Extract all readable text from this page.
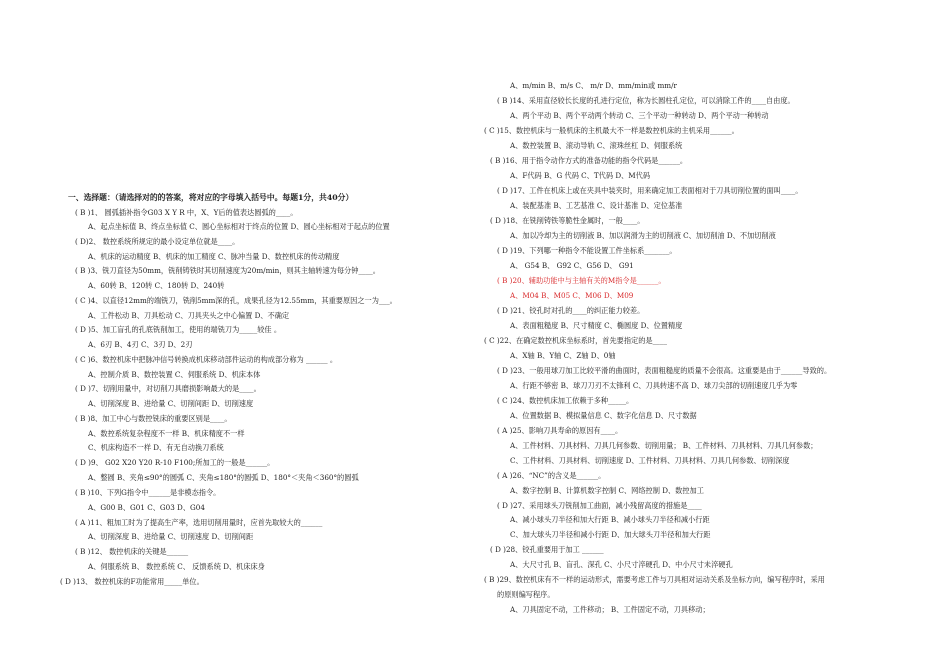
一、选择题：（请选择对的的答案，将对应的字母填入括号中。每题1分，共40分）
( B )1、 圆弧插补指令G03 X Y R 中，X、Y后的值表达圆弧的____。
A、起点坐标值 B、终点坐标值 C、圆心坐标相对于终点的位置 D、圆心坐标相对于起点的位置
( D)2、 数控系统所规定的最小设定单位就是____。
A、机床的运动精度 B、机床的加工精度 C、脉冲当量 D、数控机床的传动精度
( B )3、铣刀直径为50mm，铣削铸铁时其切削速度为20m/min，则其主轴转速为每分钟____。
A、60转 B、120转 C、180转 D、240转
( C )4、以直径12mm的端铣刀，铣削5mm深的孔，成果孔径为12.55mm，其重要原因之一为___。
A、工件松动 B、刀具松动 C、刀具夹头之中心偏置 D、不确定
( D )5、加工盲孔的孔底铣削加工，使用的端铣刀为_____较佳 。
A、6刃 B、4刃 C、3刃 D、2刃
( C )6、数控机床中把脉冲信号转换成机床移动部件运动的构成部分称为 ______ 。
A、控制介质 B、数控装置 C、伺服系统 D、机床本体
( D )7、切削用量中，对切削刀具磨损影响最大的是____。
A、切削深度 B、进给量 C、切削间距 D、切削速度
( B )8、加工中心与数控铣床的重要区别是____。
A、数控系统复杂程度不一样 B、机床精度不一样
C、机床构造不一样 D、有无自动换刀系统
( D )9、 G02 X20 Y20 R-10 F100;所加工的一般是______。
A、整圆 B、夹角≤90°的圆弧 C、夹角≤180°的圆弧 D、180°＜夹角＜360°的圆弧
( B )10、下列G指令中______是非模态指令。
A、G00 B、G01 C、G03 D、G04
( A )11、粗加工时为了提高生产率，选用切削用量时，应首先取较大的______
A、切削深度 B、进给量 C、切削速度 D、切削间距
( B )12、 数控机床的关键是______
A、伺服系统 B、 数控系统 C、 反馈系统 D、机床床身
( D )13、 数控机床的F功能常用_____单位。
A、m/min B、m/s C、 m/r D、mm/min或 mm/r
( B )14、采用直径较长长度的孔进行定位，称为长圆柱孔定位，可以消除工件的____自由度。
A、两个平动 B、两个平动两个转动 C、三个平动一种转动 D、两个平动一种转动
( C )15、数控机床与一般机床的主机最大不一样是数控机床的主机采用______。
A、数控装置 B、滚动导轨 C、滚珠丝杠 D、伺服系统
( B )16、用于指令动作方式的准备功能的指令代码是______。
A、F代码 B、G 代码 C、T代码 D、M代码
( D )17、工件在机床上或在夹具中装夹时，用来确定加工表面相对于刀具切削位置的面叫____。
A、装配基准 B、工艺基准 C、设计基准 D、定位基准
( D )18、在铣削铸铁等脆性金属时，一般____。
A、加以冷却为主的切削液 B、加以润滑为主的切削液 C、加切削油 D、不加切削液
( D )19、下列哪一种指令不能设置工件坐标系_______。
A、 G54 B、 G92 C、G56 D、 G91
( B )20、辅助功能中与主轴有关的M指令是______。
A、M04 B、M05 C、M06 D、M09
( D )21、铰孔时对孔的____的纠正能力较差。
A、表面粗糙度 B、尺寸精度 C、椭圆度 D、位置精度
( C )22、在确定数控机床坐标系时，首先要指定的是____
A、X轴 B、Y轴 C、Z轴 D、0轴
( D )23、一般用球刀加工比较平滑的曲面时，表面粗糙度的质量不会很高。这重要是由于______导致的。
A、行距不够密 B、球刀刀刃不太锋利 C、刀具转速不高 D、球刀尖部的切削速度几乎为零
( C )24、数控机床加工依赖于多种_____。
A、位置数据 B、模拟量信息 C、数字化信息 D、尺寸数据
( A )25、影响刀具寿命的原因有____。
A、工件材料、刀具材料、刀具几何参数、切削用量； B、工件材料、刀具材料、刀具几何参数；
C、工件材料、刀具材料、切削速度 D、工件材料、刀具材料、刀具几何参数、切削深度
( A )26、“NC”的含义是______。
A、数字控制 B、计算机数字控制 C、网络控制 D、数控加工
( D )27、采用球头刀铣削加工曲面，减小残留高度的措施是____
A、减小球头刀半径和加大行距 B、减小球头刀半径和减小行距
C、加大球头刀半径和减小行距 D、加大球头刀半径和加大行距
( D )28、铰孔重要用于加工 ______
A、大尺寸孔 B、盲孔、深孔 C、小尺寸淬硬孔 D、中小尺寸未淬硬孔
( B )29、数控机床有不一样的运动形式，需要考虑工件与刀具相对运动关系及坐标方向，编写程序时，采用
的原则编写程序。
A、刀具固定不动，工件移动； B、工件固定不动，刀具移动；
